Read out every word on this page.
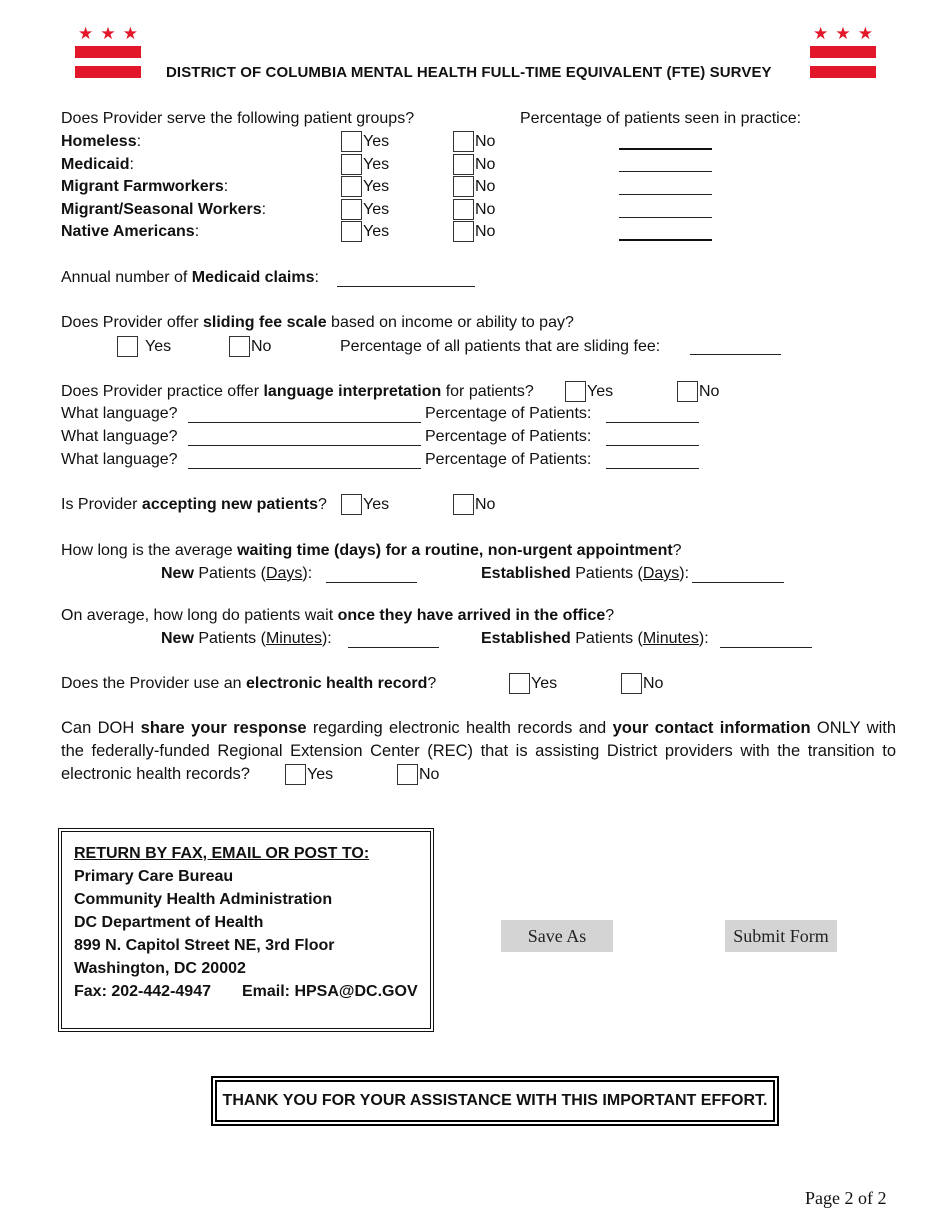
★ ★ ★	★ ★ ★
DISTRICT OF COLUMBIA MENTAL HEALTH FULL-TIME EQUIVALENT (FTE) SURVEY
Does Provider serve the following patient groups?	Percentage of patients seen in practice:
Homeless:	Yes	No
Medicaid:	Yes	No
Migrant Farmworkers:	Yes	No
Migrant/Seasonal Workers:	Yes	No
Native Americans:	Yes	No
Annual number of Medicaid claims:
Does Provider offer sliding fee scale based on income or ability to pay?
Yes	No	Percentage of all patients that are sliding fee:
Does Provider practice offer language interpretation for patients?	Yes	No
What language?	Percentage of Patients:
What language?	Percentage of Patients:
What language?	Percentage of Patients:
Is Provider accepting new patients? Yes	No
How long is the average waiting time (days) for a routine, non-urgent appointment?
New Patients (Days):	Established Patients (Days):
On average, how long do patients wait once they have arrived in the office?
New Patients (Minutes):	Established Patients (Minutes):
Does the Provider use an electronic health record?	Yes	No
Can DOH share your response regarding electronic health records and your contact information ONLY with the federally-funded Regional Extension Center (REC) that is assisting District providers with the transition to electronic health records?	Yes	No
RETURN BY FAX, EMAIL OR POST TO:
Primary Care Bureau
Community Health Administration
DC Department of Health
899 N. Capitol Street NE, 3rd Floor
Washington, DC 20002
Fax: 202-442-4947 Email: HPSA@DC.GOV
Save As	Submit Form
THANK YOU FOR YOUR ASSISTANCE WITH THIS IMPORTANT EFFORT.
Page 2 of 2
